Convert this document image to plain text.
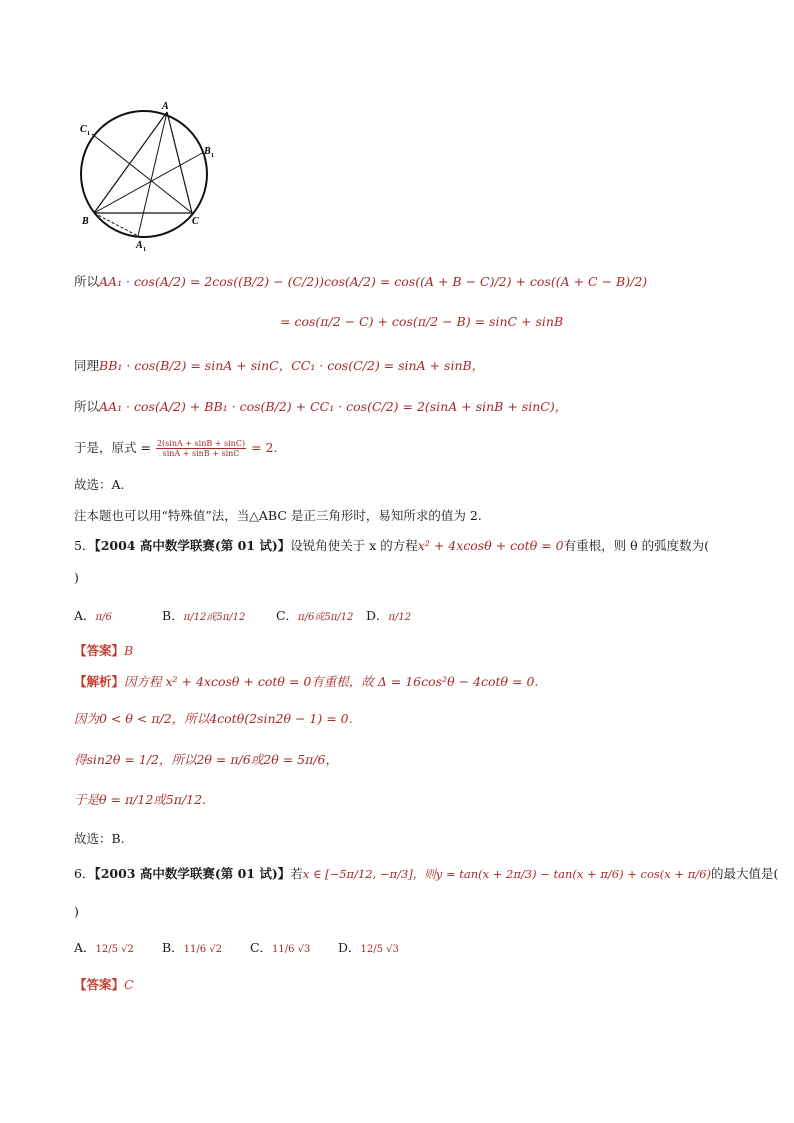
A
B	C
A 1
B 1
C 1
所以AA₁ · cos(A/2) = 2cos((B/2) − (C/2))cos(A/2) = cos((A + B − C)/2) + cos((A + C − B)/2)
= cos(π/2 − C) + cos(π/2 − B) = sinC + sinB
同理BB₁ · cos(B/2) = sinA + sinC，CC₁ · cos(C/2) = sinA + sinB，
所以AA₁ · cos(A/2) + BB₁ · cos(B/2) + CC₁ · cos(C/2) = 2(sinA + sinB + sinC)，
于是，原式 = $\frac{2(\sin A + \sin B + \sin C)}{\sin A + \sin B + \sin C} = 2$.
故选：A.
注本题也可以用“特殊值”法，当△ABC 是正三角形时，易知所求的值为 2.
5．【2004 高中数学联赛(第 01 试)】设锐角使关于 x 的方程x² + 4xcosθ + cotθ = 0有重根，则 θ 的弧度数为(
)
A．π/6	B．π/12或5π/12 C．π/6或5π/12 D．π/12
【答案】B
【解析】因方程 x² + 4xcosθ + cotθ = 0有重根，故 Δ = 16cos²θ − 4cotθ = 0.
因为0 < θ < π/2，所以4cotθ(2sin2θ − 1) = 0.
得sin2θ = 1/2，所以2θ = π/6或2θ = 5π/6，
于是θ = π/12或5π/12.
故选：B.
6．【2003 高中数学联赛(第 01 试)】若x ∈ [−5π/12, −π/3]，则y = tan(x + 2π/3) − tan(x + π/6) + cos(x + π/6)的最大值是(
)
A．12/5 √2 B．11/6 √2 C．11/6 √3 D．12/5 √3
【答案】C
